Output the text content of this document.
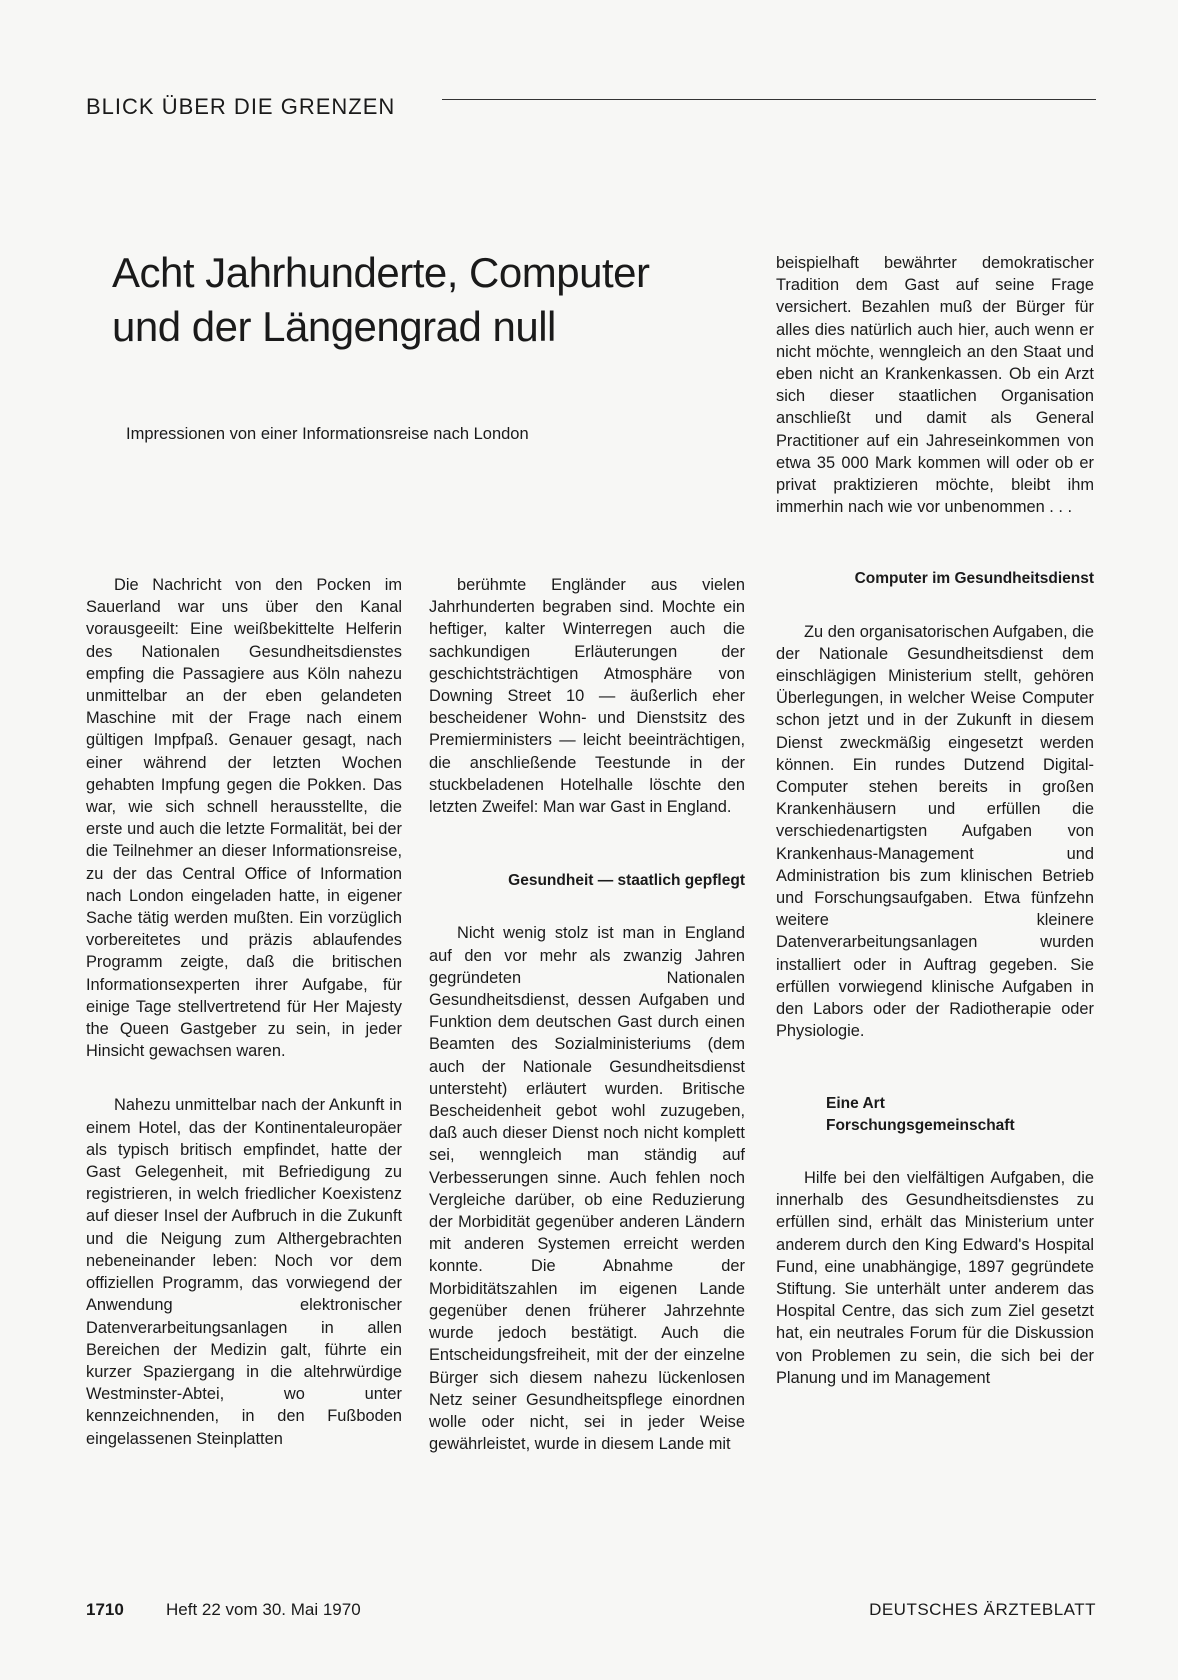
BLICK ÜBER DIE GRENZEN
Acht Jahrhunderte, Computer und der Längengrad null
Impressionen von einer Informationsreise nach London

Die Nachricht von den Pocken im Sauerland war uns über den Kanal vorausgeeilt: Eine weißbekittelte Helferin des Nationalen Gesundheitsdienstes empfing die Passagiere aus Köln nahezu unmittelbar an der eben gelandeten Maschine mit der Frage nach einem gültigen Impfpaß. Genauer gesagt, nach einer während der letzten Wochen gehabten Impfung gegen die Pokken. Das war, wie sich schnell herausstellte, die erste und auch die letzte Formalität, bei der die Teilnehmer an dieser Informationsreise, zu der das Central Office of Information nach London eingeladen hatte, in eigener Sache tätig werden mußten. Ein vorzüglich vorbereitetes und präzis ablaufendes Programm zeigte, daß die britischen Informationsexperten ihrer Aufgabe, für einige Tage stellvertretend für Her Majesty the Queen Gastgeber zu sein, in jeder Hinsicht gewachsen waren.

Nahezu unmittelbar nach der Ankunft in einem Hotel, das der Kontinentaleuropäer als typisch britisch empfindet, hatte der Gast Gelegenheit, mit Befriedigung zu registrieren, in welch friedlicher Koexistenz auf dieser Insel der Aufbruch in die Zukunft und die Neigung zum Althergebrachten nebeneinander leben: Noch vor dem offiziellen Programm, das vorwiegend der Anwendung elektronischer Datenverarbeitungsanlagen in allen Bereichen der Medizin galt, führte ein kurzer Spaziergang in die altehrwürdige Westminster-Abtei, wo unter kennzeichnenden, in den Fußboden eingelassenen Steinplatten

berühmte Engländer aus vielen Jahrhunderten begraben sind. Mochte ein heftiger, kalter Winterregen auch die sachkundigen Erläuterungen der geschichtsträchtigen Atmosphäre von Downing Street 10 — äußerlich eher bescheidener Wohn- und Dienstsitz des Premierministers — leicht beeinträchtigen, die anschließende Teestunde in der stuckbeladenen Hotelhalle löschte den letzten Zweifel: Man war Gast in England.

Gesundheit — staatlich gepflegt

Nicht wenig stolz ist man in England auf den vor mehr als zwanzig Jahren gegründeten Nationalen Gesundheitsdienst, dessen Aufgaben und Funktion dem deutschen Gast durch einen Beamten des Sozialministeriums (dem auch der Nationale Gesundheitsdienst untersteht) erläutert wurden. Britische Bescheidenheit gebot wohl zuzugeben, daß auch dieser Dienst noch nicht komplett sei, wenngleich man ständig auf Verbesserungen sinne. Auch fehlen noch Vergleiche darüber, ob eine Reduzierung der Morbidität gegenüber anderen Ländern mit anderen Systemen erreicht werden konnte. Die Abnahme der Morbiditätszahlen im eigenen Lande gegenüber denen früherer Jahrzehnte wurde jedoch bestätigt. Auch die Entscheidungsfreiheit, mit der der einzelne Bürger sich diesem nahezu lückenlosen Netz seiner Gesundheitspflege einordnen wolle oder nicht, sei in jeder Weise gewährleistet, wurde in diesem Lande mit

beispielhaft bewährter demokratischer Tradition dem Gast auf seine Frage versichert. Bezahlen muß der Bürger für alles dies natürlich auch hier, auch wenn er nicht möchte, wenngleich an den Staat und eben nicht an Krankenkassen. Ob ein Arzt sich dieser staatlichen Organisation anschließt und damit als General Practitioner auf ein Jahreseinkommen von etwa 35 000 Mark kommen will oder ob er privat praktizieren möchte, bleibt ihm immerhin nach wie vor unbenommen . . .

Computer im Gesundheitsdienst

Zu den organisatorischen Aufgaben, die der Nationale Gesundheitsdienst dem einschlägigen Ministerium stellt, gehören Überlegungen, in welcher Weise Computer schon jetzt und in der Zukunft in diesem Dienst zweckmäßig eingesetzt werden können. Ein rundes Dutzend Digital-Computer stehen bereits in großen Krankenhäusern und erfüllen die verschiedenartigsten Aufgaben von Krankenhaus-Management und Administration bis zum klinischen Betrieb und Forschungsaufgaben. Etwa fünfzehn weitere kleinere Datenverarbeitungsanlagen wurden installiert oder in Auftrag gegeben. Sie erfüllen vorwiegend klinische Aufgaben in den Labors oder der Radiotherapie oder Physiologie.

Eine Art

Forschungsgemeinschaft

Hilfe bei den vielfältigen Aufgaben, die innerhalb des Gesundheitsdienstes zu erfüllen sind, erhält das Ministerium unter anderem durch den King Edward's Hospital Fund, eine unabhängige, 1897 gegründete Stiftung. Sie unterhält unter anderem das Hospital Centre, das sich zum Ziel gesetzt hat, ein neutrales Forum für die Diskussion von Problemen zu sein, die sich bei der Planung und im Management

1710 Heft 22 vom 30. Mai 1970	DEUTSCHES ÄRZTEBLATT
